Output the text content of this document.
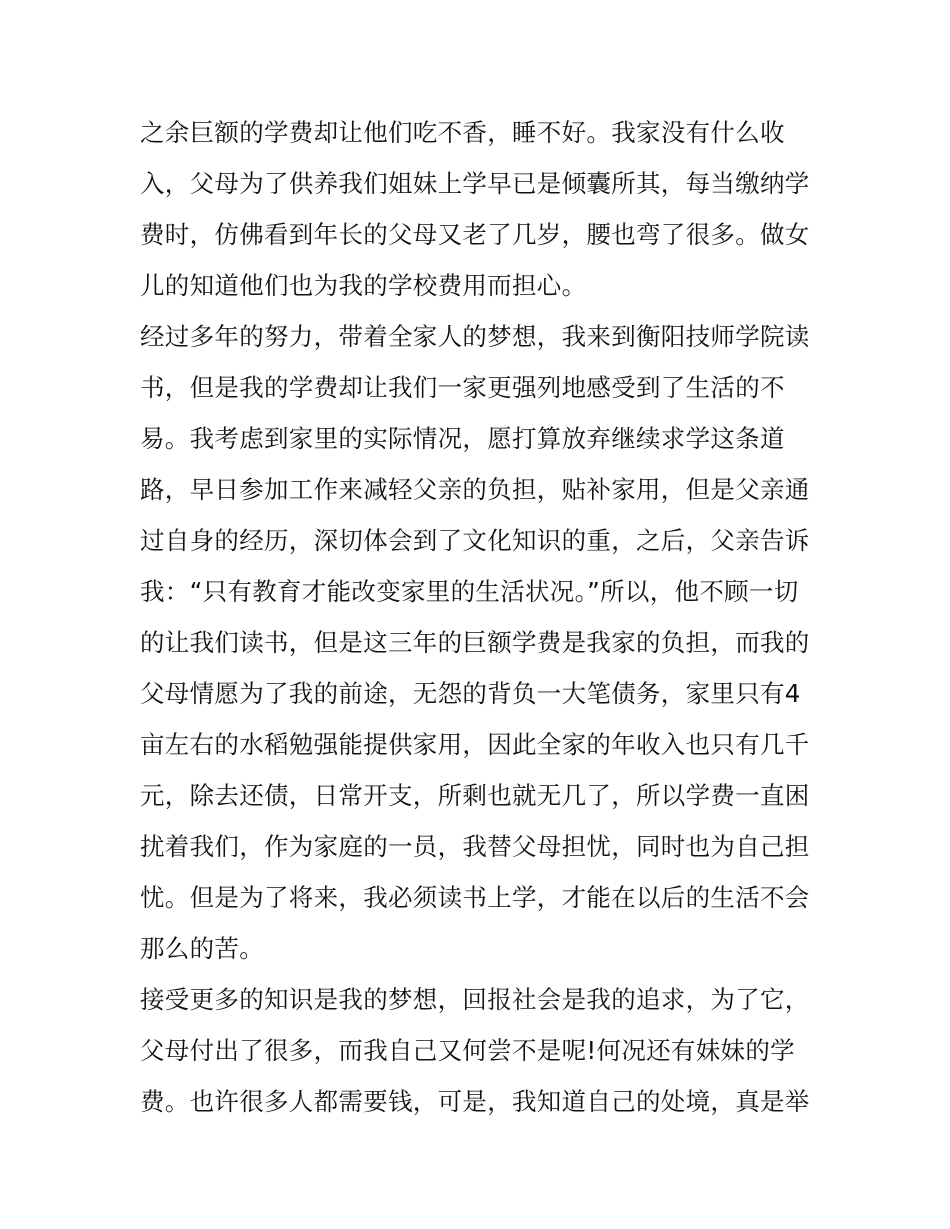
之余巨额的学费却让他们吃不香，睡不好。我家没有什么收
入，父母为了供养我们姐妹上学早已是倾囊所其，每当缴纳学
费时，仿佛看到年长的父母又老了几岁，腰也弯了很多。做女
儿的知道他们也为我的学校费用而担心。
经过多年的努力，带着全家人的梦想，我来到衡阳技师学院读
书，但是我的学费却让我们一家更强列地感受到了生活的不
易。我考虑到家里的实际情况，愿打算放弃继续求学这条道
路，早日参加工作来减轻父亲的负担，贴补家用，但是父亲通
过自身的经历，深切体会到了文化知识的重，之后，父亲告诉
我：“只有教育才能改变家里的生活状况。”所以，他不顾一切
的让我们读书，但是这三年的巨额学费是我家的负担，而我的
父母情愿为了我的前途，无怨的背负一大笔债务，家里只有4
亩左右的水稻勉强能提供家用，因此全家的年收入也只有几千
元，除去还债，日常开支，所剩也就无几了，所以学费一直困
扰着我们，作为家庭的一员，我替父母担忧，同时也为自己担
忧。但是为了将来，我必须读书上学，才能在以后的生活不会
那么的苦。
接受更多的知识是我的梦想，回报社会是我的追求，为了它，
父母付出了很多，而我自己又何尝不是呢!何况还有妹妹的学
费。也许很多人都需要钱，可是，我知道自己的处境，真是举
